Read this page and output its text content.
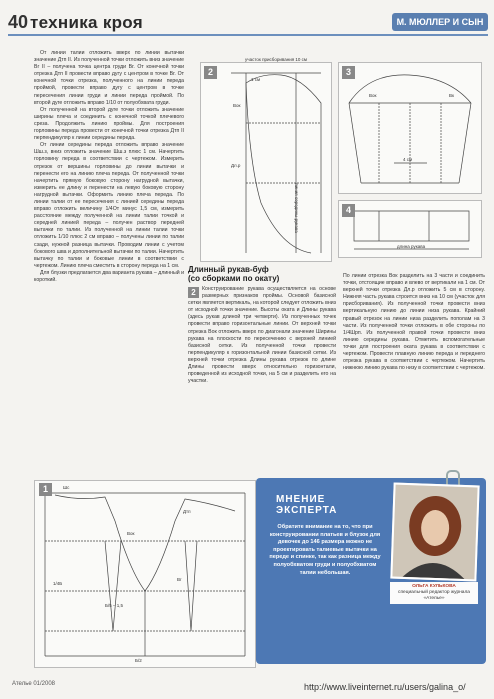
40 техника кроя	М. МЮЛЛЕР И СЫН

От линии талии отложить вверх по линии вытачки значение Дтп II. Из полученной точки отложить вниз значение Вг II – получена точка центра груди Вг. От конечной точки отрезка Дтп II провести вправо дугу с центром в точке Вг. От конечной точки отрезка, полученного на линии переда проймой, провести вправо дугу с центром в точке пересечения линии груди и линии переда проймой. По второй дуге отложить вправо 1/10 от полуобхвата груди.

От полученной на второй дуге точки отложить значение ширины плеча и соединить с конечной точкой плечевого среза. Продолжить линию проймы. Для построения горловины переда провести от конечной точки отрезка Дтп II перпендикуляр к линии середины переда.

От линии середины переда отложить вправо значение Шш.з, вниз отложить значение Шш.з плюс 1 см. Начертить горловину переда в соответствии с чертежом. Измерить отрезок от вершины горловины до линии вытачки и перенести его на линию плеча переда. От полученной точки начертить прямую боковую сторону нагрудной вытачки, измерить ее длину и перенести на левую боковую сторону нагрудной вытачки. Оформить линию плеча переда. По линии талии от ее пересечения с линией середины переда вправо отложить величину 1/4От минус 1,5 см, измерить расстояние между полученной на линии талии точкой и середней линией переда – получен раствор передней вытачки по талии. Из полученной на линии талии точки отложить 1/10 плюс 2 см вправо – получены линии по талии сзади, нужной разница вытачки. Проводим линии с учетом бокового шва и дополнительной вытачки по талии. Начертить вытачку по талии и боковые линии в соответствии с чертежом. Линию плеча сместить в сторону переда на 1 см.

Для блузки предлагается два варианта рукава – длинный и короткий.

2
участок присборивания 10 см
1 см
Вок
Дл.р
линия середины рукава
3
Вок	Вк
4 см
4
длина рукава
Длинный рукав-буф
(со сборками по окату)
2	Конструирование рукава осуществляется на основе размерных признаков проймы. Основой базисной сетки является вертикаль, на которой следует отложить вниз от исходной точки значение. Высоты оката и Длины рукава (здесь рукав длиной три четверти). Из полученных точек провести вправо горизонтальные линии. От верхней точки отрезка Вок отложить вверх по диагонали значение Ширины рукава на плоскости по пересечению с верхней линией базисной сетки. Из полученной точки провести перпендикуляр к горизонтальной линии базисной сетки. Из верхней точки отрезка Длины рукава отрезок по длине Длины провести вверх относительно горизонтали, проведенной из исходной точки, на 5 см и разделить его на участки.

По линии отрезка Вок разделить на 3 части и соединить точки, отстоящие вправо и влево от вертикали на 1 см. От верхней точки отрезка Дл.р отложить 5 см в сторону. Нижняя часть рукава строится вниз на 10 см (участок для присборивания). Из полученной точки провести вниз вертикальную линию до линии низа рукава. Крайний правый отрезок на линии низа разделить пополам на 3 части. Из полученной точки отложить в обе стороны по 1/4Шрп. Из полученной правой точки провести вниз линию середины рукава. Отметить вспомогательные точки для построения оката рукава в соответствии с чертежом. Провести плавную линию переда и переднего отрезка рукава в соответствии с чертежом. Начертить нижнюю линию рукава по низу в соответствии с чертежом.

1	Шс
Вок
Дтп
Вг
1/4Б
Б/2
Б/5 – 1,5
МНЕНИЕ
ЭКСПЕРТА
Обратите внимание на то, что при конструировании платьев и блузок для девочек до 146 размера можно не проектировать талиевые вытачки на переде и спинке, так как разница между полуобхватом груди и полуобхватом талии небольшая.
ОЛЬГА КУЛЬКОВА
специальный редактор журнала «Ателье»
Ателье 01/2008	http://www.liveinternet.ru/users/galina_o/
